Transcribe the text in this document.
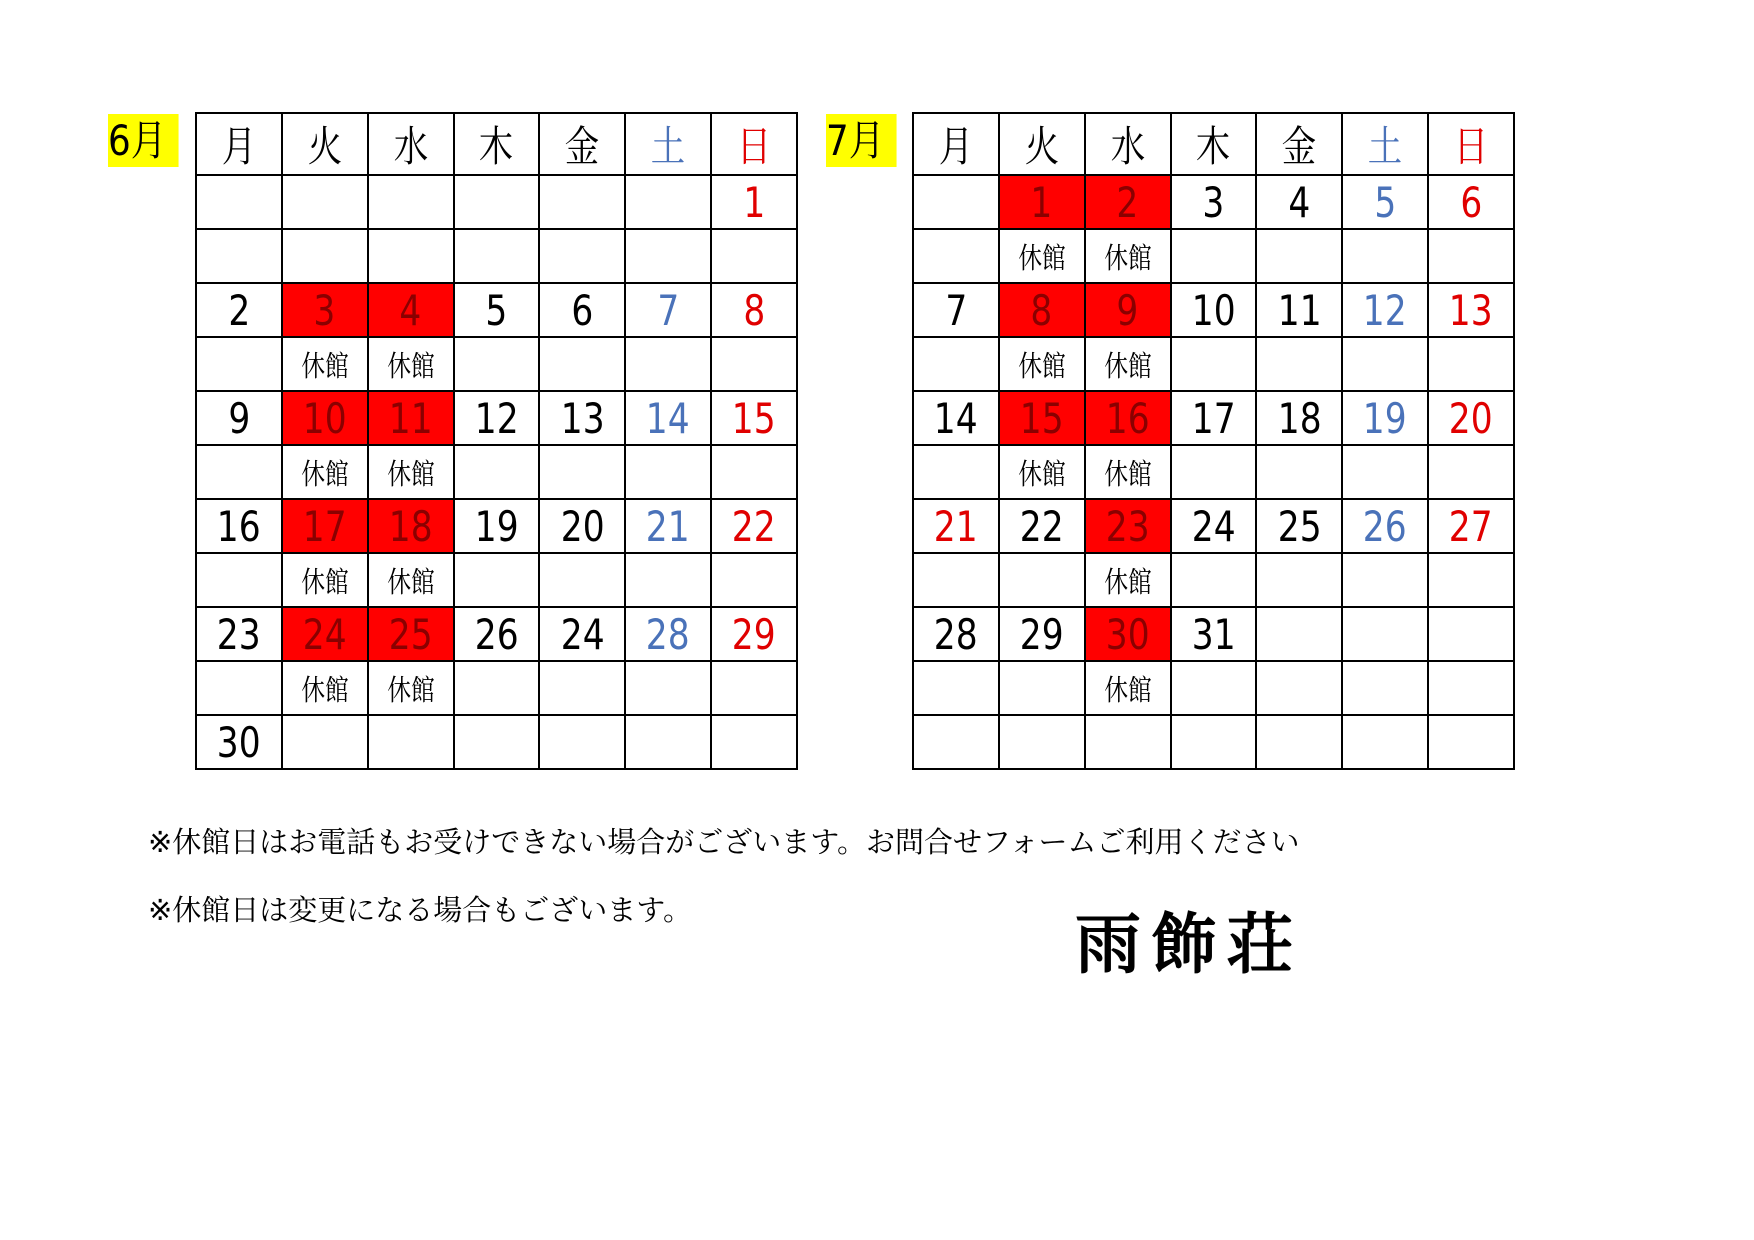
6月 月	火	水	木	金	土	日
						1

2	3	4	5	6	7	8
	休館	休館				
9	10	11	12	13	14	15
	休館	休館				
16	17	18	19	20	21	22
	休館	休館				
23	24	25	26	24	28	29
	休館	休館				
30						
7月 月	火	水	木	金	土	日
	1	2	3	4	5	6
	休館	休館				
7	8	9	10	11	12	13
	休館	休館				
14	15	16	17	18	19	20
	休館	休館				
21	22	23	24	25	26	27
		休館				
28	29	30	31			
		休館				

※休館日はお電話もお受けできない場合がございます。お問合せフォームご利用ください
※休館日は変更になる場合もございます。	雨飾荘
